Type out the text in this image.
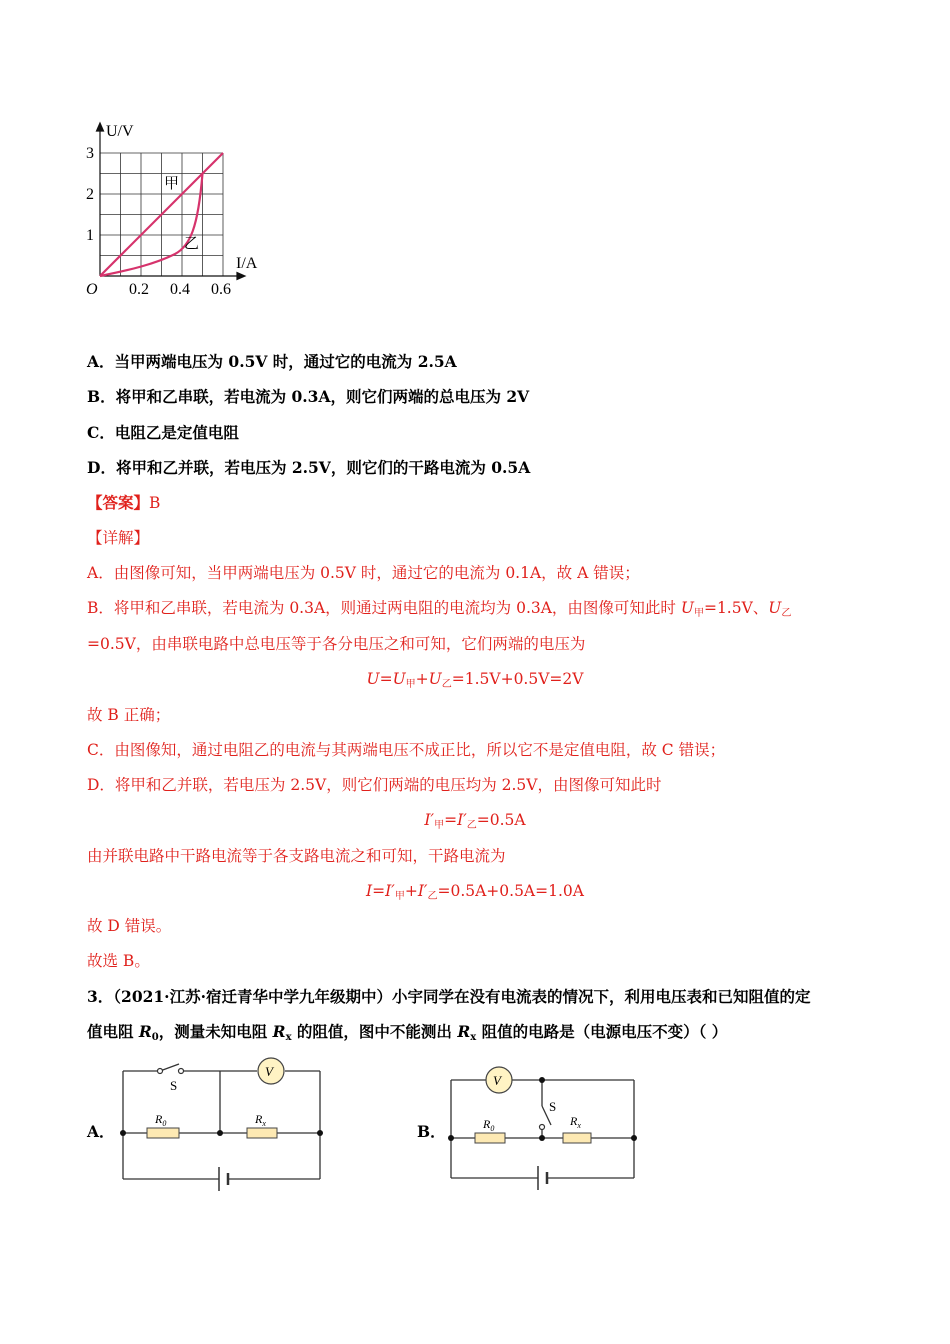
U/V
I/A
O
1
2
3
0.2 0.4 0.6
甲
乙
A．当甲两端电压为 0.5V 时，通过它的电流为 2.5A
B．将甲和乙串联，若电流为 0.3A，则它们两端的总电压为 2V
C．电阻乙是定值电阻
D．将甲和乙并联，若电压为 2.5V，则它们的干路电流为 0.5A
【答案】B
【详解】
A．由图像可知，当甲两端电压为 0.5V 时，通过它的电流为 0.1A，故 A 错误；
B．将甲和乙串联，若电流为 0.3A，则通过两电阻的电流均为 0.3A，由图像可知此时 $U_甲=1.5V$、$U_乙$
=0.5V，由串联电路中总电压等于各分电压之和可知，它们两端的电压为
$U=U_甲+U_乙=1.5V+0.5V=2V$
故 B 正确；
C．由图像知，通过电阻乙的电流与其两端电压不成正比，所以它不是定值电阻，故 C 错误；
D．将甲和乙并联，若电压为 2.5V，则它们两端的电压均为 2.5V，由图像可知此时
$I'_甲=I'_乙=0.5A$
由并联电路中干路电流等于各支路电流之和可知，干路电流为
$I=I'_甲+I'_乙=0.5A+0.5A=1.0A$
故 D 错误。
故选 B。
3．（2021·江苏·宿迁青华中学九年级期中）小宇同学在没有电流表的情况下，利用电压表和已知阻值的定
值电阻 $R_0$，测量未知电阻 $R_x$ 的阻值，图中不能测出 $R_x$ 阻值的电路是（电源电压不变）（ ）
A．	B．
S
V
$R_0$	$R_x$
S
V
$R_0$
$R_x$
